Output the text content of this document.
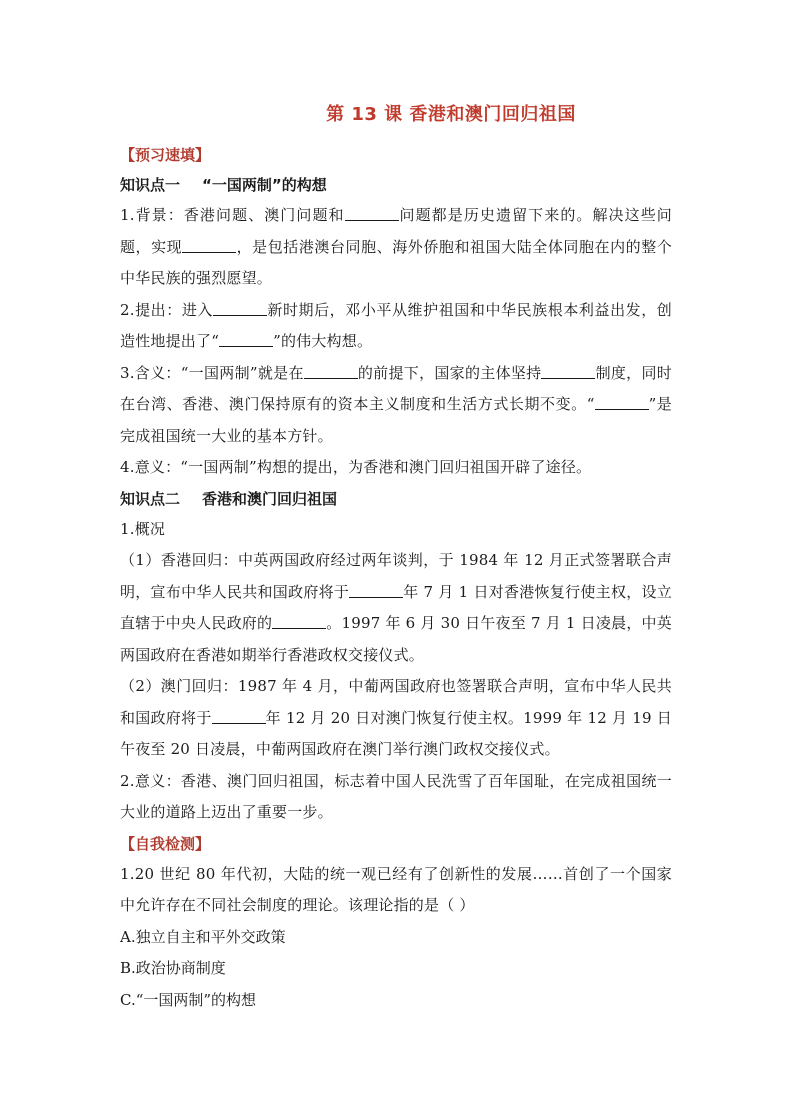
第 13 课 香港和澳门回归祖国
【预习速填】
知识点一 “一国两制”的构想
1.背景：香港问题、澳门问题和	问题都是历史遗留下来的。解决这些问题，实现	，是包括港澳台同胞、海外侨胞和祖国大陆全体同胞在内的整个中华民族的强烈愿望。
2.提出：进入	新时期后，邓小平从维护祖国和中华民族根本利益出发，创造性地提出了“	”的伟大构想。
3.含义：“一国两制”就是在	的前提下，国家的主体坚持	制度，同时在台湾、香港、澳门保持原有的资本主义制度和生活方式长期不变。“	”是完成祖国统一大业的基本方针。
4.意义：“一国两制”构想的提出，为香港和澳门回归祖国开辟了途径。
知识点二 香港和澳门回归祖国
1.概况
（1）香港回归：中英两国政府经过两年谈判，于 1984 年 12 月正式签署联合声明，宣布中华人民共和国政府将于	年 7 月 1 日对香港恢复行使主权，设立直辖于中央人民政府的	。1997 年 6 月 30 日午夜至 7 月 1 日凌晨，中英两国政府在香港如期举行香港政权交接仪式。
（2）澳门回归：1987 年 4 月，中葡两国政府也签署联合声明，宣布中华人民共和国政府将于	年 12 月 20 日对澳门恢复行使主权。1999 年 12 月 19 日午夜至 20 日凌晨，中葡两国政府在澳门举行澳门政权交接仪式。
2.意义：香港、澳门回归祖国，标志着中国人民洗雪了百年国耻，在完成祖国统一大业的道路上迈出了重要一步。
【自我检测】
1.20 世纪 80 年代初，大陆的统一观已经有了创新性的发展……首创了一个国家中允许存在不同社会制度的理论。该理论指的是（ ）
A.独立自主和平外交政策
B.政治协商制度
C.“一国两制”的构想
